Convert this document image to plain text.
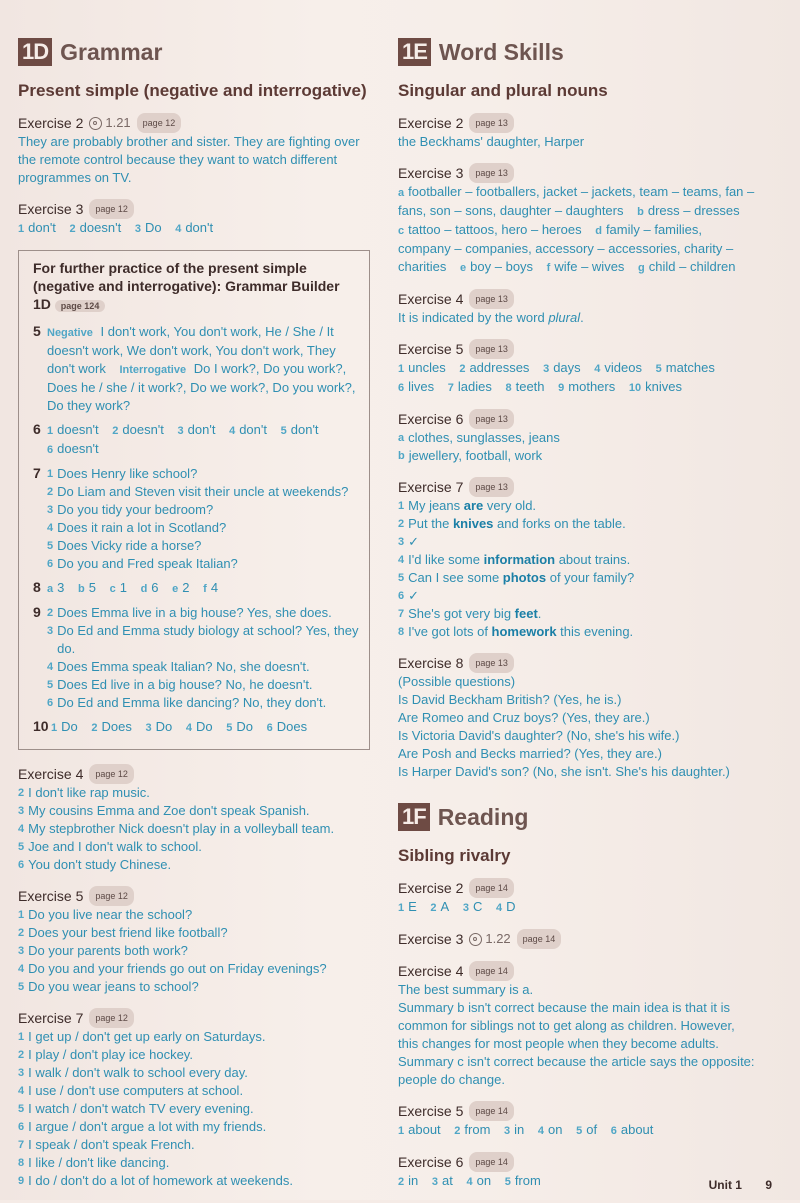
1D Grammar
Present simple (negative and interrogative)
Exercise 2 1.21	page 12
They are probably brother and sister. They are fighting over the remote control because they want to watch different programmes on TV.
Exercise 3	page 12
1 don't 2 doesn't 3 Do 4 don't
For further practice of the present simple (negative and interrogative): Grammar Builder 1D page 124
5 Negative I don't work, You don't work, He / She / It doesn't work, We don't work, You don't work, They don't work Interrogative Do I work?, Do you work?, Does he / she / it work?, Do we work?, Do you work?, Do they work?
6 1 doesn't 2 doesn't 3 don't 4 don't 5 don't 6 doesn't
7 1 Does Henry like school?
2 Do Liam and Steven visit their uncle at weekends?
3 Do you tidy your bedroom?
4 Does it rain a lot in Scotland?
5 Does Vicky ride a horse?
6 Do you and Fred speak Italian?
8 a 3 b 5 c 1 d 6 e 2 f 4
9 2 Does Emma live in a big house? Yes, she does.
3 Do Ed and Emma study biology at school? Yes, they do.
4 Does Emma speak Italian? No, she doesn't.
5 Does Ed live in a big house? No, he doesn't.
6 Do Ed and Emma like dancing? No, they don't.
10 1 Do 2 Does 3 Do 4 Do 5 Do 6 Does
Exercise 4	page 12
2 I don't like rap music.
3 My cousins Emma and Zoe don't speak Spanish.
4 My stepbrother Nick doesn't play in a volleyball team.
5 Joe and I don't walk to school.
6 You don't study Chinese.
Exercise 5	page 12
1 Do you live near the school?
2 Does your best friend like football?
3 Do your parents both work?
4 Do you and your friends go out on Friday evenings?
5 Do you wear jeans to school?
Exercise 7	page 12
1 I get up / don't get up early on Saturdays.
2 I play / don't play ice hockey.
3 I walk / don't walk to school every day.
4 I use / don't use computers at school.
5 I watch / don't watch TV every evening.
6 I argue / don't argue a lot with my friends.
7 I speak / don't speak French.
8 I like / don't like dancing.
9 I do / don't do a lot of homework at weekends.
1E Word Skills
Singular and plural nouns
Exercise 2	page 13
the Beckhams' daughter, Harper
Exercise 3	page 13
a footballer – footballers, jacket – jackets, team – teams, fan – fans, son – sons, daughter – daughters b dress – dresses c tattoo – tattoos, hero – heroes d family – families, company – companies, accessory – accessories, charity – charities e boy – boys f wife – wives g child – children
Exercise 4	page 13
It is indicated by the word plural.
Exercise 5	page 13
1 uncles 2 addresses 3 days 4 videos 5 matches 6 lives 7 ladies 8 teeth 9 mothers 10 knives
Exercise 6	page 13
a clothes, sunglasses, jeans
b jewellery, football, work
Exercise 7	page 13
1 My jeans are very old.
2 Put the knives and forks on the table.
3 ✓
4 I'd like some information about trains.
5 Can I see some photos of your family?
6 ✓
7 She's got very big feet.
8 I've got lots of homework this evening.
Exercise 8	page 13
(Possible questions)
Is David Beckham British? (Yes, he is.)
Are Romeo and Cruz boys? (Yes, they are.)
Is Victoria David's daughter? (No, she's his wife.)
Are Posh and Becks married? (Yes, they are.)
Is Harper David's son? (No, she isn't. She's his daughter.)
1F Reading
Sibling rivalry
Exercise 2	page 14
1 E 2 A 3 C 4 D
Exercise 3 1.22	page 14
Exercise 4	page 14
The best summary is a.
Summary b isn't correct because the main idea is that it is common for siblings not to get along as children. However, this changes for most people when they become adults. Summary c isn't correct because the article says the opposite: people do change.
Exercise 5	page 14
1 about 2 from 3 in 4 on 5 of 6 about
Exercise 6	page 14
2 in 3 at 4 on 5 from	Unit 1 9
